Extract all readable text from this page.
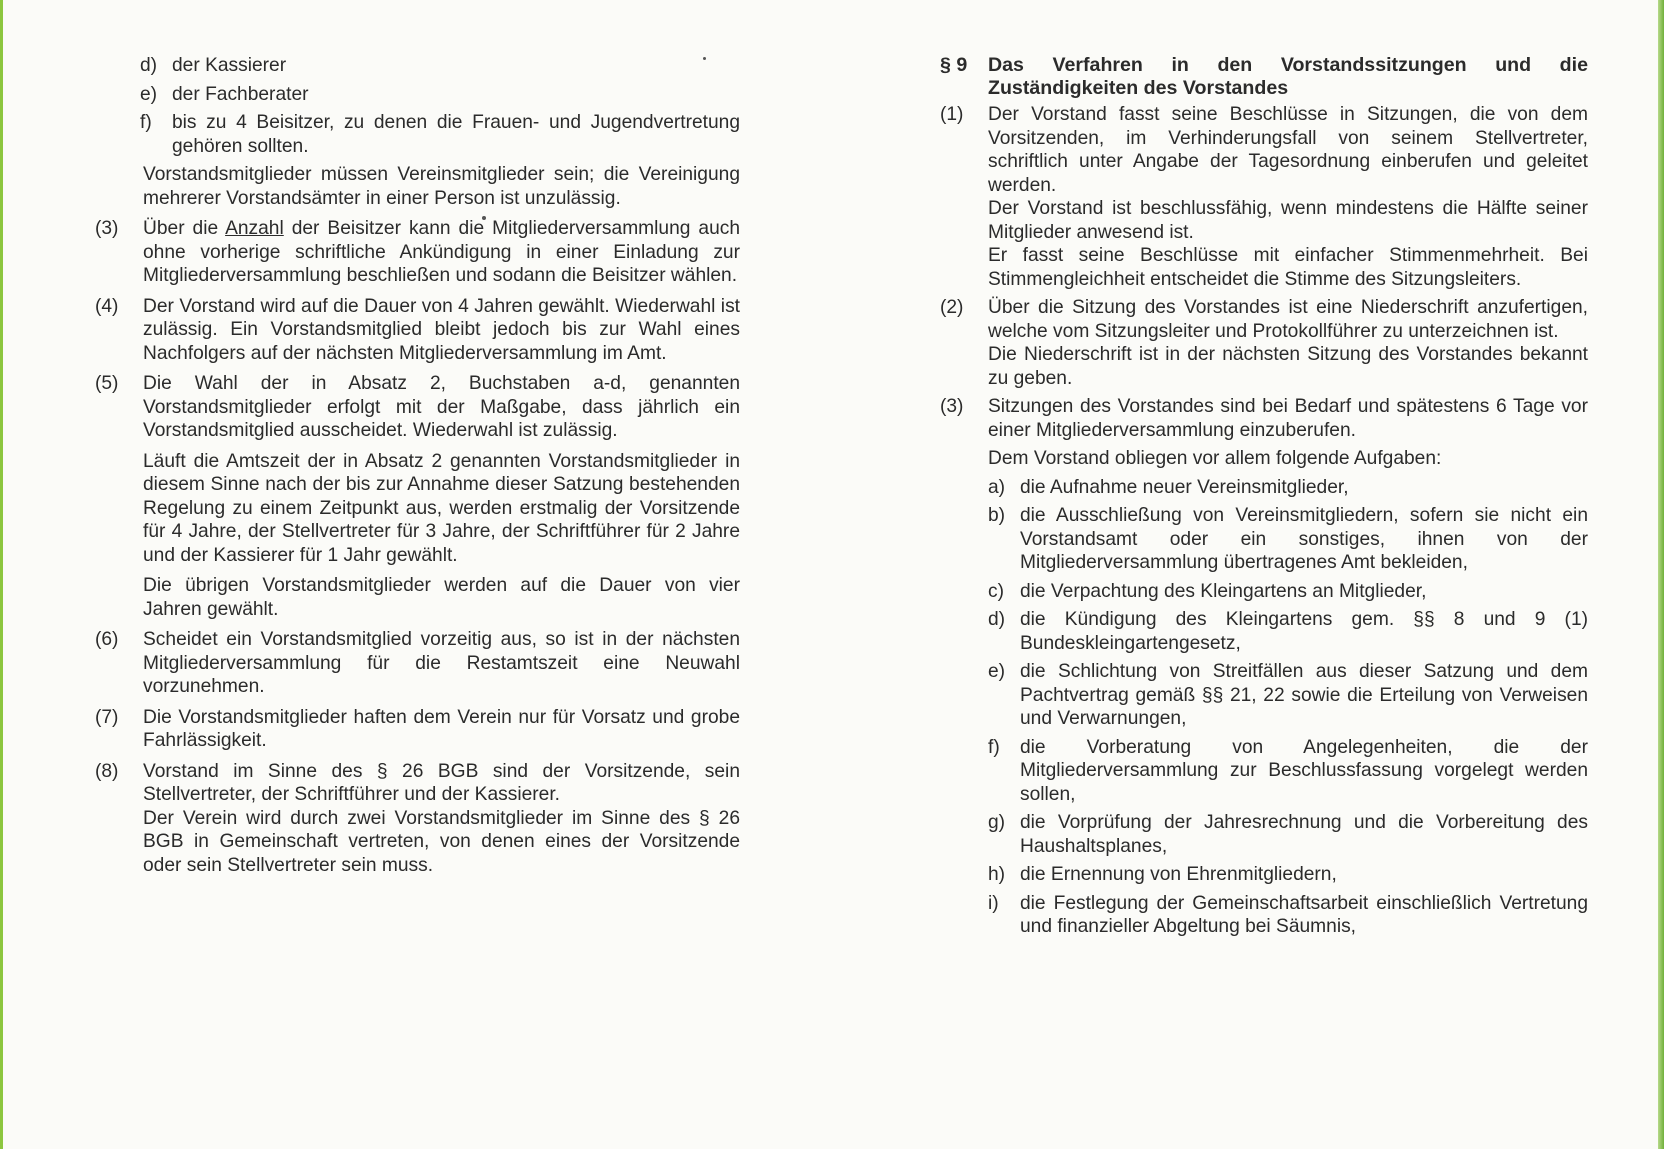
d) der Kassierer

e) der Fachberater

f) bis zu 4 Beisitzer, zu denen die Frauen- und Jugendvertretung gehören sollten.

Vorstandsmitglieder müssen Vereinsmitglieder sein; die Vereinigung mehrerer Vorstandsämter in einer Person ist unzulässig.

(3) Über die Anzahl der Beisitzer kann die Mitgliederversammlung auch ohne vorherige schriftliche Ankündigung in einer Einladung zur Mitgliederversammlung beschließen und sodann die Beisitzer wählen.

(4) Der Vorstand wird auf die Dauer von 4 Jahren gewählt. Wiederwahl ist zulässig. Ein Vorstandsmitglied bleibt jedoch bis zur Wahl eines Nachfolgers auf der nächsten Mitgliederversammlung im Amt.

(5) Die Wahl der in Absatz 2, Buchstaben a-d, genannten Vorstandsmitglieder erfolgt mit der Maßgabe, dass jährlich ein Vorstandsmitglied ausscheidet. Wiederwahl ist zulässig.

Läuft die Amtszeit der in Absatz 2 genannten Vorstandsmitglieder in diesem Sinne nach der bis zur Annahme dieser Satzung bestehenden Regelung zu einem Zeitpunkt aus, werden erstmalig der Vorsitzende für 4 Jahre, der Stellvertreter für 3 Jahre, der Schriftführer für 2 Jahre und der Kassierer für 1 Jahr gewählt.

Die übrigen Vorstandsmitglieder werden auf die Dauer von vier Jahren gewählt.

(6) Scheidet ein Vorstandsmitglied vorzeitig aus, so ist in der nächsten Mitgliederversammlung für die Restamtszeit eine Neuwahl vorzunehmen.

(7) Die Vorstandsmitglieder haften dem Verein nur für Vorsatz und grobe Fahrlässigkeit.

(8) Vorstand im Sinne des § 26 BGB sind der Vorsitzende, sein Stellvertreter, der Schriftführer und der Kassierer.

Der Verein wird durch zwei Vorstandsmitglieder im Sinne des § 26 BGB in Gemeinschaft vertreten, von denen eines der Vorsitzende oder sein Stellvertreter sein muss.

§ 9 Das Verfahren in den Vorstandssitzungen und die Zuständigkeiten des Vorstandes

(1) Der Vorstand fasst seine Beschlüsse in Sitzungen, die von dem Vorsitzenden, im Verhinderungsfall von seinem Stellvertreter, schriftlich unter Angabe der Tagesordnung einberufen und geleitet werden.

Der Vorstand ist beschlussfähig, wenn mindestens die Hälfte seiner Mitglieder anwesend ist.

Er fasst seine Beschlüsse mit einfacher Stimmenmehrheit. Bei Stimmengleichheit entscheidet die Stimme des Sitzungsleiters.

(2) Über die Sitzung des Vorstandes ist eine Niederschrift anzufertigen, welche vom Sitzungsleiter und Protokollführer zu unterzeichnen ist.

Die Niederschrift ist in der nächsten Sitzung des Vorstandes bekannt zu geben.

(3) Sitzungen des Vorstandes sind bei Bedarf und spätestens 6 Tage vor einer Mitgliederversammlung einzuberufen.

Dem Vorstand obliegen vor allem folgende Aufgaben:

a) die Aufnahme neuer Vereinsmitglieder,

b) die Ausschließung von Vereinsmitgliedern, sofern sie nicht ein Vorstandsamt oder ein sonstiges, ihnen von der Mitgliederversammlung übertragenes Amt bekleiden,

c) die Verpachtung des Kleingartens an Mitglieder,

d) die Kündigung des Kleingartens gem. §§ 8 und 9 (1) Bundeskleingartengesetz,

e) die Schlichtung von Streitfällen aus dieser Satzung und dem Pachtvertrag gemäß §§ 21, 22 sowie die Erteilung von Verweisen und Verwarnungen,

f) die Vorberatung von Angelegenheiten, die der Mitgliederversammlung zur Beschlussfassung vorgelegt werden sollen,

g) die Vorprüfung der Jahresrechnung und die Vorbereitung des Haushaltsplanes,

h) die Ernennung von Ehrenmitgliedern,

i) die Festlegung der Gemeinschaftsarbeit einschließlich Vertretung und finanzieller Abgeltung bei Säumnis,
